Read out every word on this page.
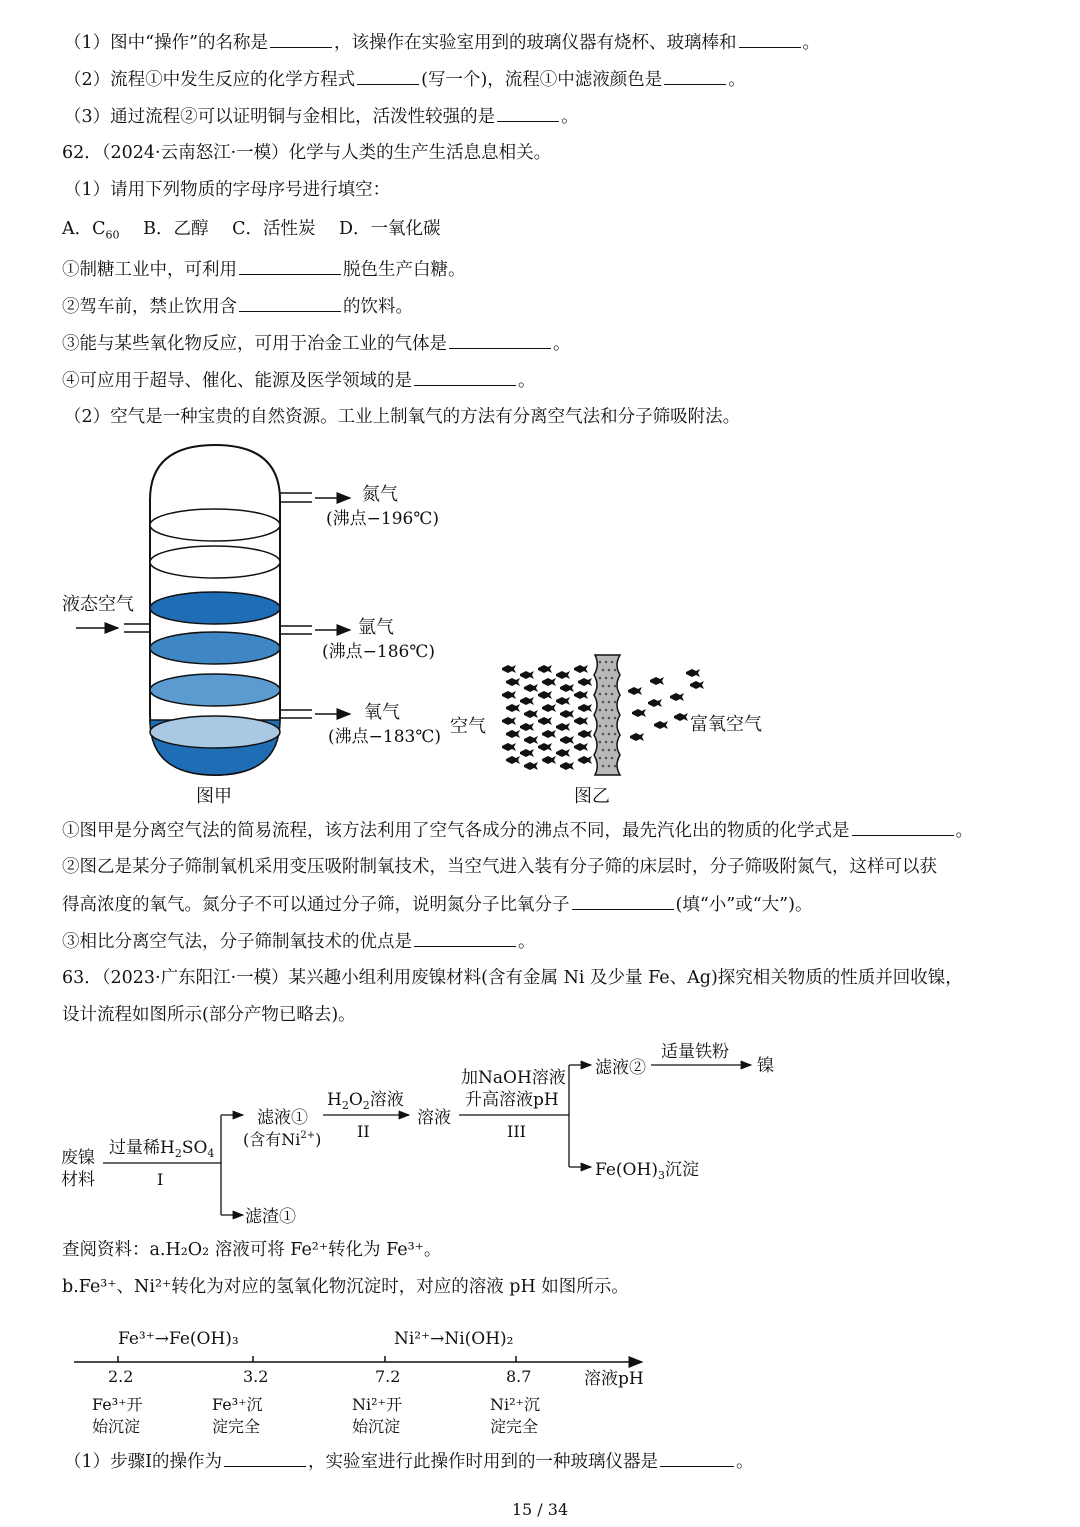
（1）图中“操作”的名称是	，该操作在实验室用到的玻璃仪器有烧杯、玻璃棒和	。
（2）流程①中发生反应的化学方程式	(写一个)，流程①中滤液颜色是	。
（3）通过流程②可以证明铜与金相比，活泼性较强的是	。
62．（2024·云南怒江·一模）化学与人类的生产生活息息相关。
（1）请用下列物质的字母序号进行填空：
A．$C_{60}$ B．乙醇 C．活性炭 D．一氧化碳
①制糖工业中，可利用	脱色生产白糖。
②驾车前，禁止饮用含	的饮料。
③能与某些氧化物反应，可用于冶金工业的气体是	。
④可应用于超导、催化、能源及医学领域的是	。
（2）空气是一种宝贵的自然资源。工业上制氧气的方法有分离空气法和分子筛吸附法。
液态空气
氮气
(沸点−196℃)
氩气
(沸点−186℃)
氧气
(沸点−183℃)
图甲
空气	富氧空气
图乙
①图甲是分离空气法的简易流程，该方法利用了空气各成分的沸点不同，最先汽化出的物质的化学式是	。
②图乙是某分子筛制氧机采用变压吸附制氧技术，当空气进入装有分子筛的床层时，分子筛吸附氮气，这样可以获
得高浓度的氧气。氮分子不可以通过分子筛，说明氮分子比氧分子	(填“小”或“大”)。
③相比分离空气法，分子筛制氧技术的优点是	。
63．（2023·广东阳江·一模）某兴趣小组利用废镍材料(含有金属 Ni 及少量 Fe、Ag)探究相关物质的性质并回收镍，
设计流程如图所示(部分产物已略去)。
废镍
材料
过量稀$H_2SO_4$
I
滤液①
(含有$Ni^{2+}$)
滤渣①
$H_2O_2$溶液
II
溶液
加NaOH溶液
升高溶液pH
III
滤液②
适量铁粉
镍
$Fe(OH)_3$沉淀
查阅资料：a.H₂O₂ 溶液可将 Fe²⁺转化为 Fe³⁺。
b.Fe³⁺、Ni²⁺转化为对应的氢氧化物沉淀时，对应的溶液 pH 如图所示。
Fe³⁺→Fe(OH)₃	Ni²⁺→Ni(OH)₂
2.2	3.2	7.2	8.7	溶液pH
Fe³⁺开
始沉淀
Fe³⁺沉
淀完全
Ni²⁺开
始沉淀
Ni²⁺沉
淀完全
（1）步骤I的操作为	，实验室进行此操作时用到的一种玻璃仪器是	。
15 / 34
